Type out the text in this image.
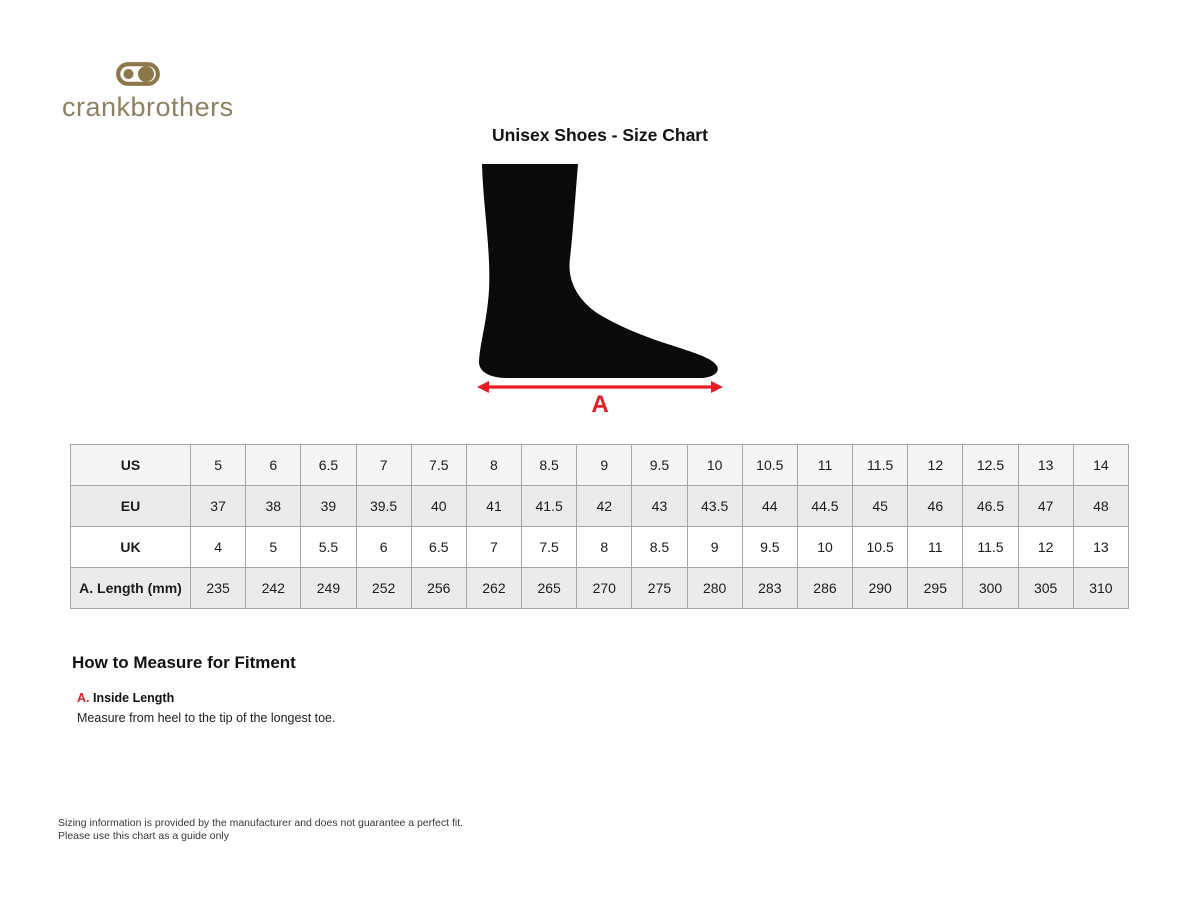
crankbrothers
Unisex Shoes - Size Chart
A
US	5	6	6.5	7	7.5	8	8.5	9	9.5	10	10.5	11	11.5	12	12.5	13	14
EU	37	38	39	39.5	40	41	41.5	42	43	43.5	44	44.5	45	46	46.5	47	48
UK	4	5	5.5	6	6.5	7	7.5	8	8.5	9	9.5	10	10.5	11	11.5	12	13
A. Length (mm)	235	242	249	252	256	262	265	270	275	280	283	286	290	295	300	305	310
How to Measure for Fitment

A. Inside Length

Measure from heel to the tip of the longest toe.

Sizing information is provided by the manufacturer and does not guarantee a perfect fit.
Please use this chart as a guide only
